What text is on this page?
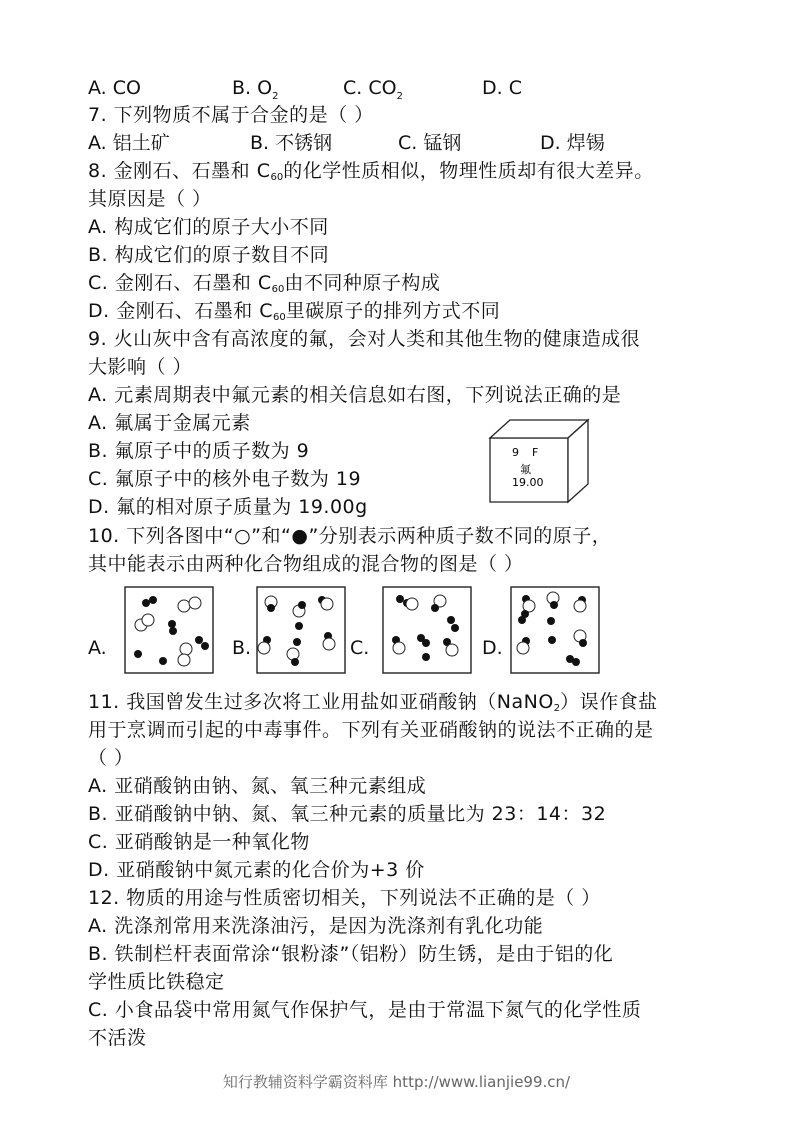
A. CO	B. $O_2$	C. $CO_2$	D. C
7. 下列物质不属于合金的是（ ）
A. 铝土矿	B. 不锈钢	C. 锰钢	D. 焊锡
8. 金刚石、石墨和 $C_{60}$的化学性质相似，物理性质却有很大差异。
其原因是（ ）
A. 构成它们的原子大小不同
B. 构成它们的原子数目不同
C. 金刚石、石墨和 $C_{60}$由不同种原子构成
D. 金刚石、石墨和 $C_{60}$里碳原子的排列方式不同
9. 火山灰中含有高浓度的氟，会对人类和其他生物的健康造成很
大影响（ ）
A. 元素周期表中氟元素的相关信息如右图，下列说法正确的是
A. 氟属于金属元素
B. 氟原子中的质子数为 9
C. 氟原子中的核外电子数为 19
D. 氟的相对原子质量为 19.00g
9 F
氟
19.00
10. 下列各图中“○”和“●”分别表示两种质子数不同的原子，
其中能表示由两种化合物组成的混合物的图是（ ）
A.	B.	C.	D.
11. 我国曾发生过多次将工业用盐如亚硝酸钠（NaNO$_2$）误作食盐
用于烹调而引起的中毒事件。下列有关亚硝酸钠的说法不正确的是
（ ）
A. 亚硝酸钠由钠、氮、氧三种元素组成
B. 亚硝酸钠中钠、氮、氧三种元素的质量比为 23：14：32
C. 亚硝酸钠是一种氧化物
D. 亚硝酸钠中氮元素的化合价为+3 价
12. 物质的用途与性质密切相关，下列说法不正确的是（ ）
A. 洗涤剂常用来洗涤油污，是因为洗涤剂有乳化功能
B. 铁制栏杆表面常涂“银粉漆”（铝粉）防生锈，是由于铝的化
学性质比铁稳定
C. 小食品袋中常用氮气作保护气，是由于常温下氮气的化学性质
不活泼
知行教辅资料学霸资料库 http://www.lianjie99.cn/
